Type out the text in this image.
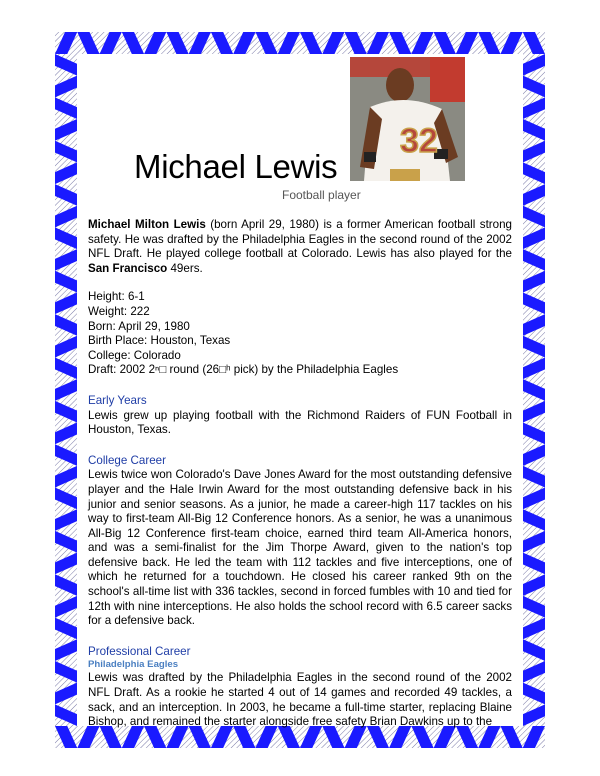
32
Michael Lewis
Football player

Michael Milton Lewis (born April 29, 1980) is a former American football strong safety. He was drafted by the Philadelphia Eagles in the second round of the 2002 NFL Draft. He played college football at Colorado. Lewis has also played for the San Francisco 49ers.

Height: 6-1
Weight: 222
Born: April 29, 1980
Birth Place: Houston, Texas
College: Colorado
Draft: 2002 2ⁿ□ round (26□ʰ pick) by the Philadelphia Eagles
Early Years

Lewis grew up playing football with the Richmond Raiders of FUN Football in Houston, Texas.

College Career

Lewis twice won Colorado's Dave Jones Award for the most outstanding defensive player and the Hale Irwin Award for the most outstanding defensive back in his junior and senior seasons. As a junior, he made a career-high 117 tackles on his way to first-team All-Big 12 Conference honors. As a senior, he was a unanimous All-Big 12 Conference first-team choice, earned third team All-America honors, and was a semi-finalist for the Jim Thorpe Award, given to the nation's top defensive back. He led the team with 112 tackles and five interceptions, one of which he returned for a touchdown. He closed his career ranked 9th on the school's all-time list with 336 tackles, second in forced fumbles with 10 and tied for 12th with nine interceptions. He also holds the school record with 6.5 career sacks for a defensive back.

Professional Career
Philadelphia Eagles

Lewis was drafted by the Philadelphia Eagles in the second round of the 2002 NFL Draft. As a rookie he started 4 out of 14 games and recorded 49 tackles, a sack, and an interception. In 2003, he became a full-time starter, replacing Blaine Bishop, and remained the starter alongside free safety Brian Dawkins up to the
